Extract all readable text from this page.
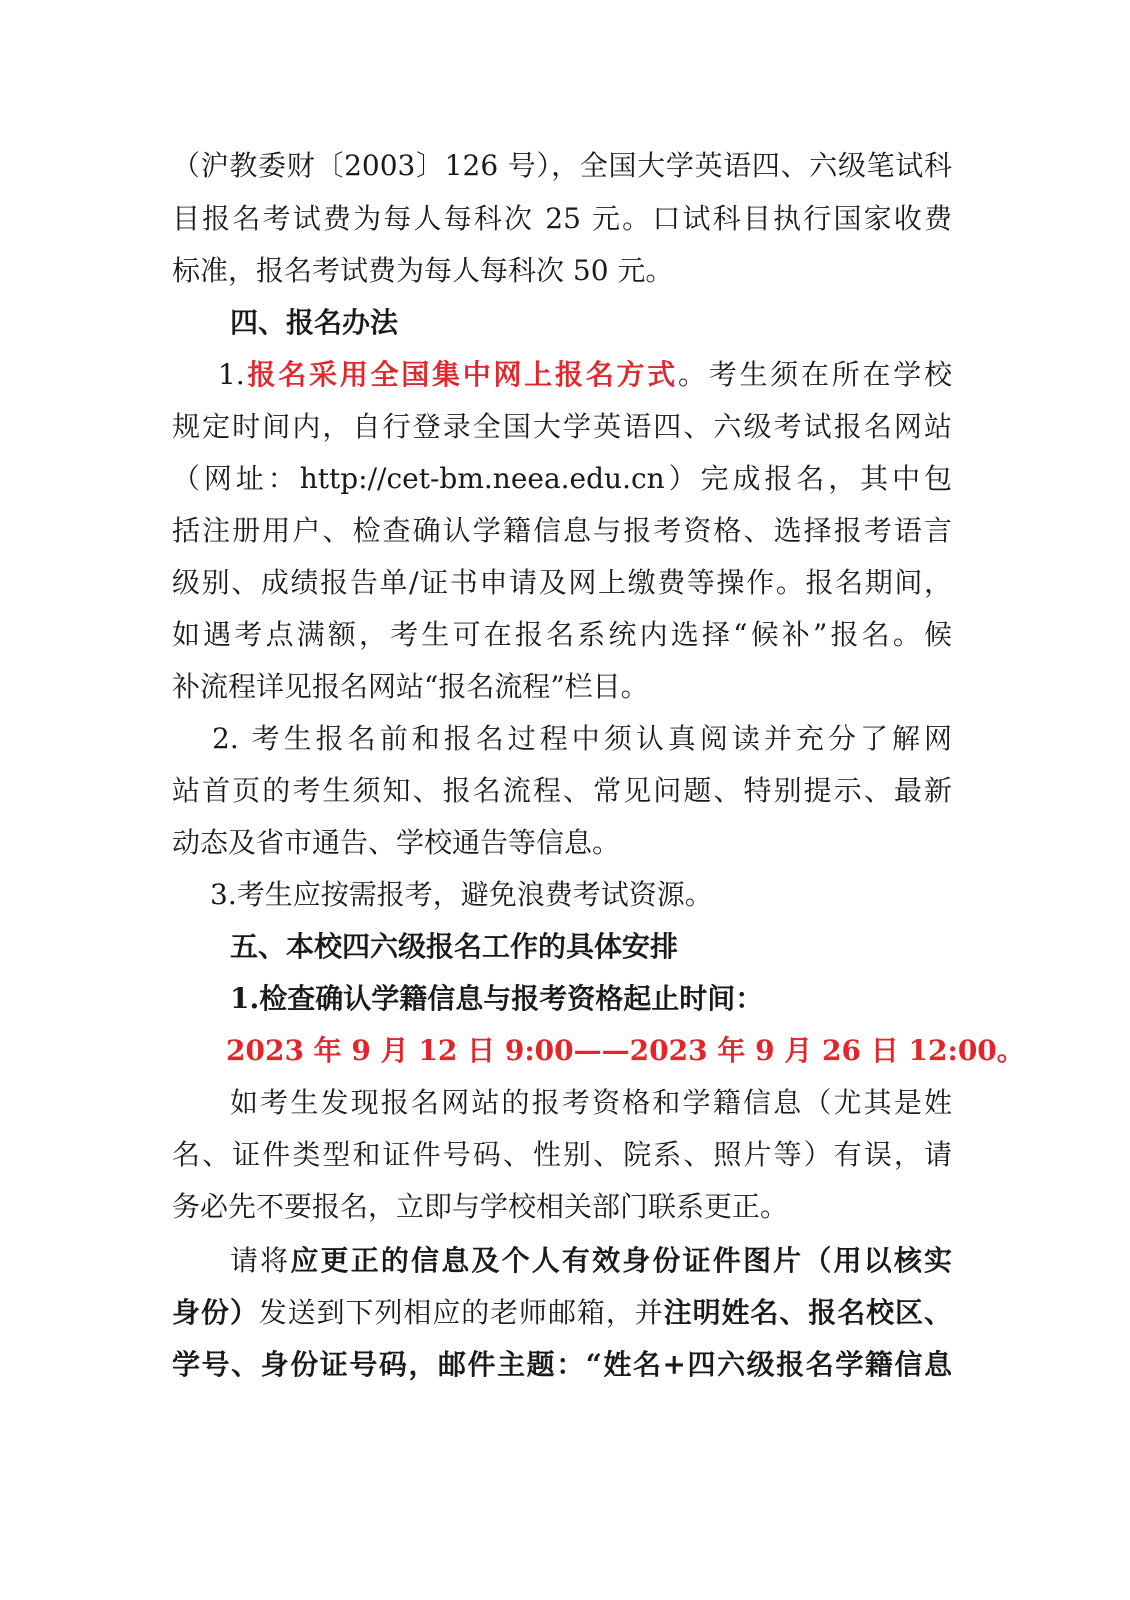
（沪教委财〔2003〕126 号），全国大学英语四、六级笔试科
目报名考试费为每人每科次 25 元。口试科目执行国家收费
标准，报名考试费为每人每科次 50 元。
四、报名办法
1.报名采用全国集中网上报名方式。考生须在所在学校
规定时间内，自行登录全国大学英语四、六级考试报名网站
（网址：http://cet-bm.neea.edu.cn）完成报名，其中包
括注册用户、检查确认学籍信息与报考资格、选择报考语言
级别、成绩报告单/证书申请及网上缴费等操作。报名期间，
如遇考点满额，考生可在报名系统内选择“候补”报名。候
补流程详见报名网站“报名流程”栏目。
2. 考生报名前和报名过程中须认真阅读并充分了解网
站首页的考生须知、报名流程、常见问题、特别提示、最新
动态及省市通告、学校通告等信息。
3.考生应按需报考，避免浪费考试资源。
五、本校四六级报名工作的具体安排
1.检查确认学籍信息与报考资格起止时间：
2023 年 9 月 12 日 9:00——2023 年 9 月 26 日 12:00。
如考生发现报名网站的报考资格和学籍信息（尤其是姓
名、证件类型和证件号码、性别、院系、照片等）有误，请
务必先不要报名，立即与学校相关部门联系更正。
请将应更正的信息及个人有效身份证件图片（用以核实
身份）发送到下列相应的老师邮箱，并注明姓名、报名校区、
学号、身份证号码，邮件主题：“姓名+四六级报名学籍信息
